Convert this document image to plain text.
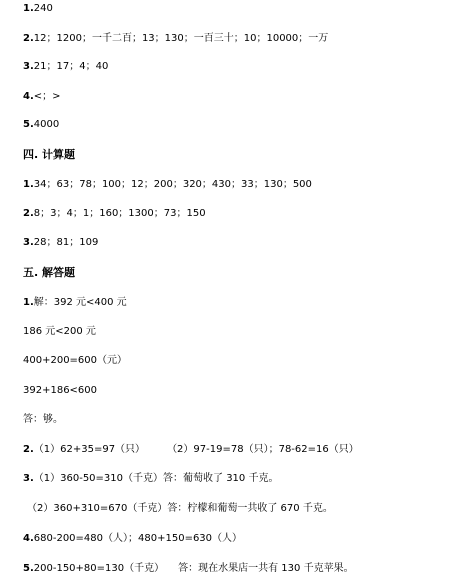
1.240
2.12；1200；一千二百；13；130；一百三十；10；10000；一万
3.21；17；4；40
4.<；>
5.4000
四. 计算题
1.34；63；78；100；12；200；320；430；33；130；500
2.8；3；4；1；160；1300；73；150
3.28；81；109
五. 解答题
1.解：392 元<400 元
186 元<200 元
400+200=600（元）
392+186<600
答：够。
2.（1）62+35=97（只） （2）97-19=78（只）；78-62=16（只）
3.（1）360-50=310（千克）答：葡萄收了 310 千克。
（2）360+310=670（千克）答：柠檬和葡萄一共收了 670 千克。
4.680-200=480（人）；480+150=630（人）
5.200-150+80=130（千克） 答：现在水果店一共有 130 千克苹果。
